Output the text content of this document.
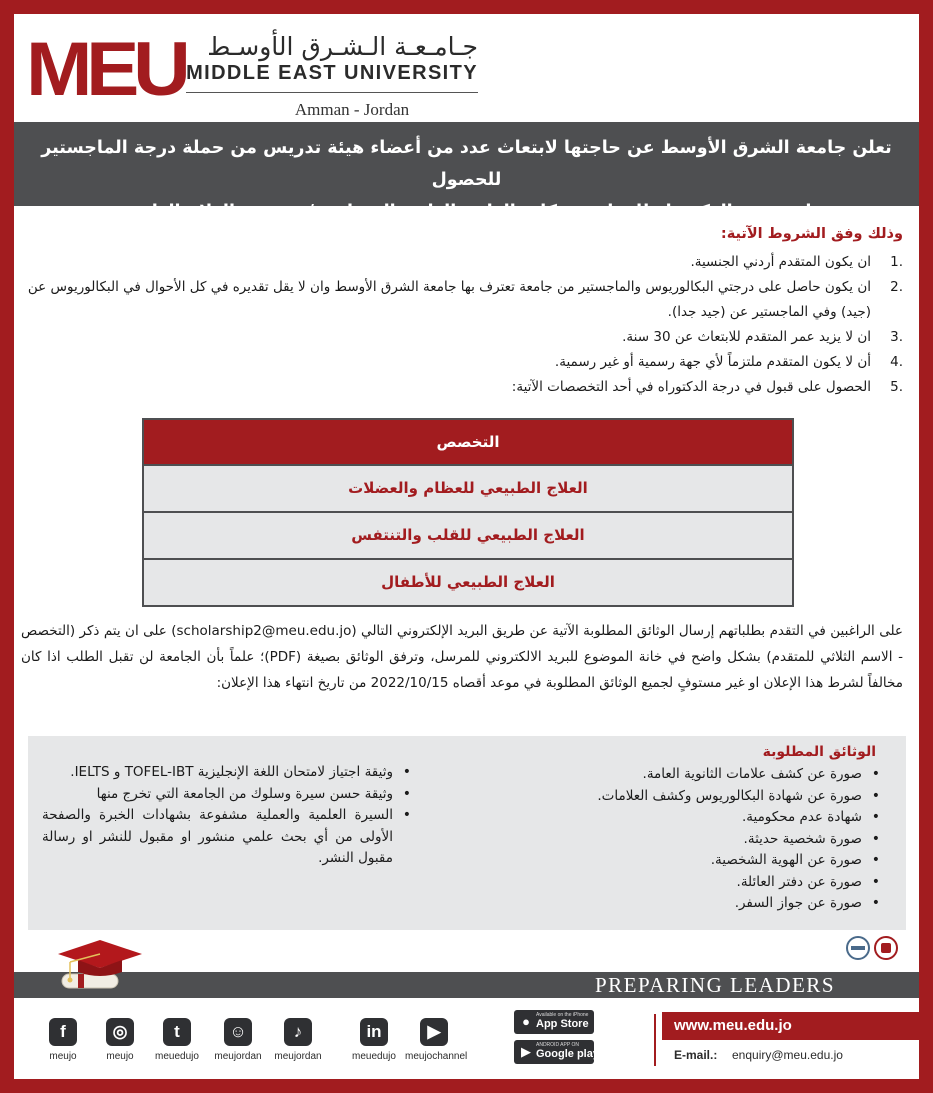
MEU جـامـعـة الـشـرق الأوسـط
MIDDLE EAST UNIVERSITY
Amman - Jordan
تعلن جامعة الشرق الأوسط عن حاجتها لابتعاث عدد من أعضاء هيئة تدريس من حملة درجة الماجستير للحصول
على درجة الدكتوراه للعمل في كلية العلوم الطبية المساندة / تخصص العلاج الطبيعي
وذلك وفق الشروط الآتية:
1.
ان يكون المتقدم أردني الجنسية.
2.
ان يكون حاصل على درجتي البكالوريوس والماجستير من جامعة تعترف بها جامعة الشرق الأوسط وان لا يقل تقديره في كل الأحوال في البكالوريوس عن (جيد) وفي الماجستير عن (جيد جدا).
3.
ان لا يزيد عمر المتقدم للابتعاث عن 30 سنة.
4.
أن لا يكون المتقدم ملتزماً لأي جهة رسمية أو غير رسمية.
5.
الحصول على قبول في درجة الدكتوراه في أحد التخصصات الآتية:
التخصص
العلاج الطبيعي للعظام والعضلات
العلاج الطبيعي للقلب والتنتفس
العلاج الطبيعي للأطفال
على الراغبين في التقدم بطلباتهم إرسال الوثائق المطلوبة الآتية عن طريق البريد الإلكتروني التالي (scholarship2@meu.edu.jo) على ان يتم ذكر (التخصص - الاسم الثلاثي للمتقدم) بشكل واضح في خانة الموضوع للبريد الالكتروني للمرسل، وترفق الوثائق بصيغة (PDF)؛ علماً بأن الجامعة لن تقبل الطلب اذا كان مخالفاً لشرط هذا الإعلان او غير مستوفٍ لجميع الوثائق المطلوبة في موعد أقصاه 2022/10/15 من تاريخ انتهاء هذا الإعلان:
الوثائق المطلوبة
• صورة عن كشف علامات الثانوية العامة.
• صورة عن شهادة البكالوريوس وكشف العلامات.
• شهادة عدم محكومية.
• صورة شخصية حديثة.
• صورة عن الهوية الشخصية.
• صورة عن دفتر العائلة.
• صورة عن جواز السفر.
• وثيقة اجتياز لامتحان اللغة الإنجليزية TOFEL-IBT و IELTS.
• وثيقة حسن سيرة وسلوك من الجامعة التي تخرج منها
• السيرة العلمية والعملية مشفوعة بشهادات الخبرة والصفحة الأولى من أي بحث علمي منشور او مقبول للنشر او رسالة مقبول النشر.
PREPARING LEADERS
f
meujo
◎
meujo
t
meuedujo
☺
meujordan
♪
meujordan
in
meuedujo
▶
meujochannel
●	Available on the iPhone
App Store
▶	ANDROID APP ON
Google play
www.meu.edu.jo
E-mail.: enquiry@meu.edu.jo
